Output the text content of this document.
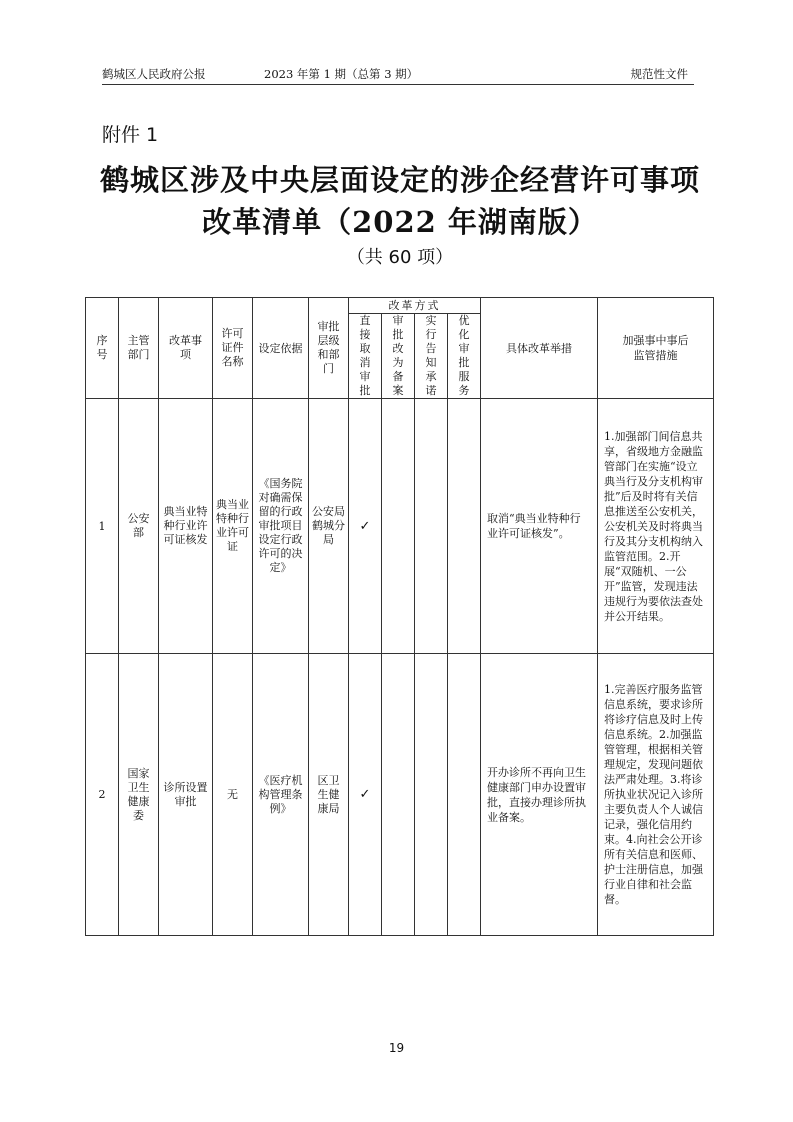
鹤城区人民政府公报	2023 年第 1 期（总第 3 期）	规范性文件
附件 1
鹤城区涉及中央层面设定的涉企经营许可事项
改革清单（2022 年湖南版）
（共 60 项）
序号	主管部门	改革事项	许可证件名称	设定依据	审批层级和部门	改革方式				具体改革举措	加强事中事后监管措施
						直接取消审批	审批改为备案	实行告知承诺	优化审批服务		
1	公安部	典当业特种行业许可证核发	典当业特种行业许可证	《国务院对确需保留的行政审批项目设定行政许可的决定》	公安局鹤城分局	✓				取消“典当业特种行业许可证核发”。	1.加强部门间信息共享，省级地方金融监管部门在实施“设立典当行及分支机构审批”后及时将有关信息推送至公安机关，公安机关及时将典当行及其分支机构纳入监管范围。2.开展“双随机、一公开”监管，发现违法违规行为要依法查处并公开结果。
2	国家卫生健康委	诊所设置审批	无	《医疗机构管理条例》	区卫生健康局	✓				开办诊所不再向卫生健康部门申办设置审批，直接办理诊所执业备案。	1.完善医疗服务监管信息系统，要求诊所将诊疗信息及时上传信息系统。2.加强监管管理，根据相关管理规定，发现问题依法严肃处理。3.将诊所执业状况记入诊所主要负责人个人诚信记录，强化信用约束。4.向社会公开诊所有关信息和医师、护士注册信息，加强行业自律和社会监督。
19
